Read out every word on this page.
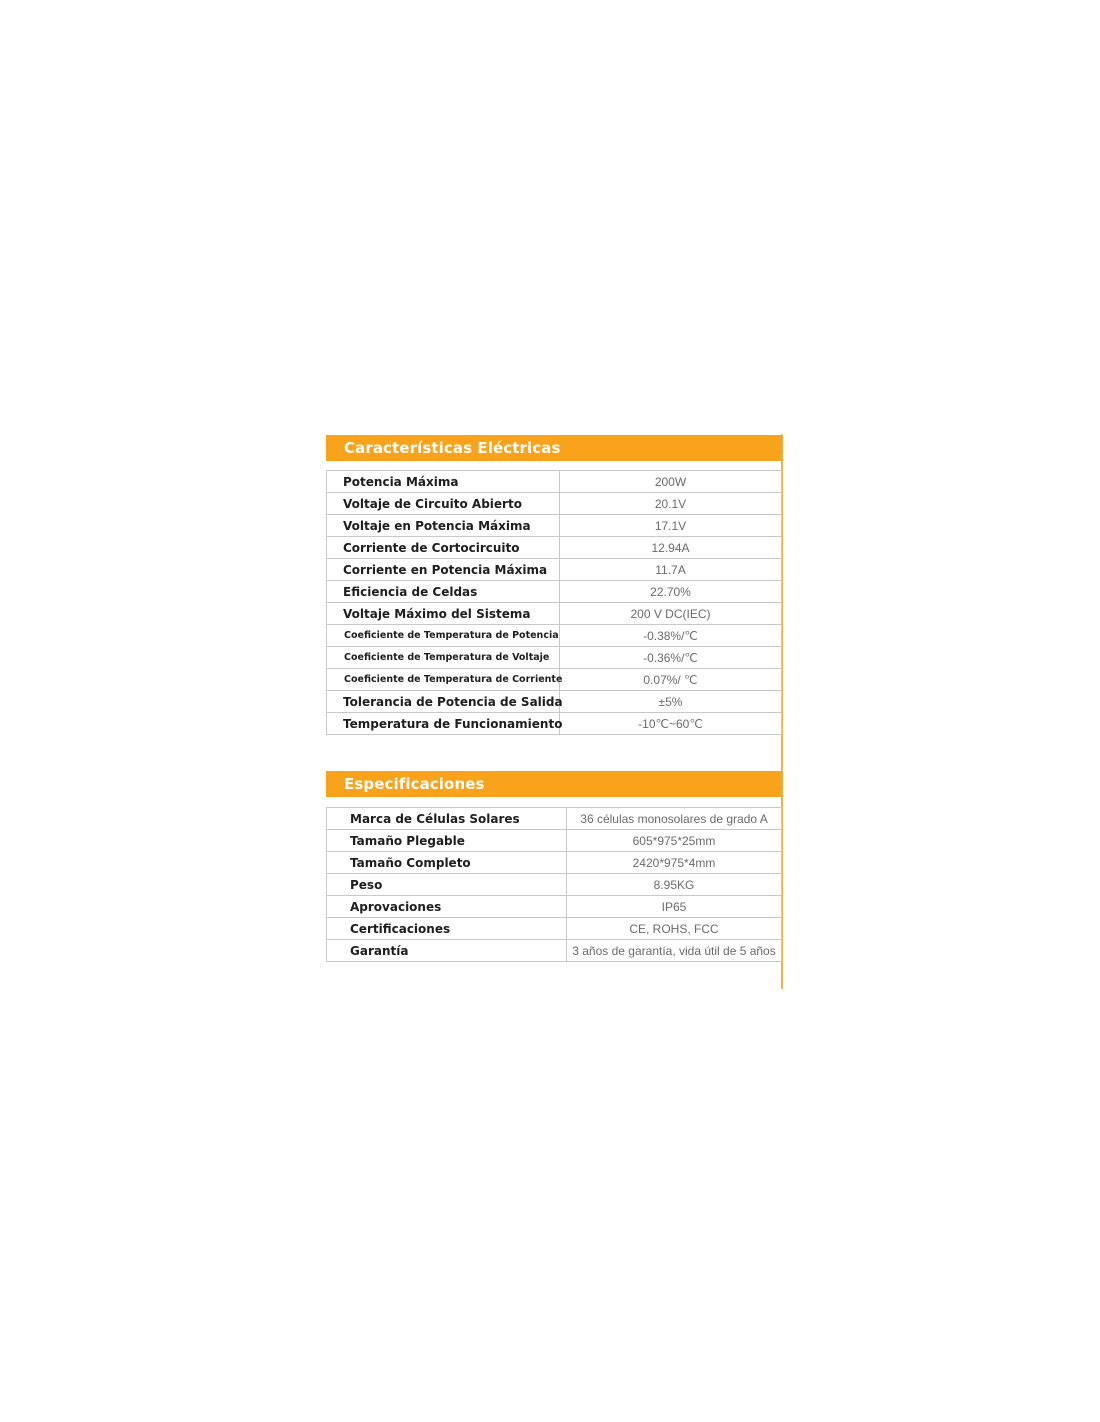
Características Eléctricas
Potencia Máxima	200W
Voltaje de Circuito Abierto	20.1V
Voltaje en Potencia Máxima	17.1V
Corriente de Cortocircuito	12.94A
Corriente en Potencia Máxima	11.7A
Eficiencia de Celdas	22.70%
Voltaje Máximo del Sistema	200 V DC(IEC)
Coeficiente de Temperatura de Potencia	-0.38%/℃
Coeficiente de Temperatura de Voltaje	-0.36%/℃
Coeficiente de Temperatura de Corriente	0.07%/ ℃
Tolerancia de Potencia de Salida	±5%
Temperatura de Funcionamiento	-10℃~60℃
Especificaciones
Marca de Células Solares	36 células monosolares de grado A
Tamaño Plegable	605*975*25mm
Tamaño Completo	2420*975*4mm
Peso	8.95KG
Aprovaciones	IP65
Certificaciones	CE, ROHS, FCC
Garantía	3 años de garantía, vida útil de 5 años
